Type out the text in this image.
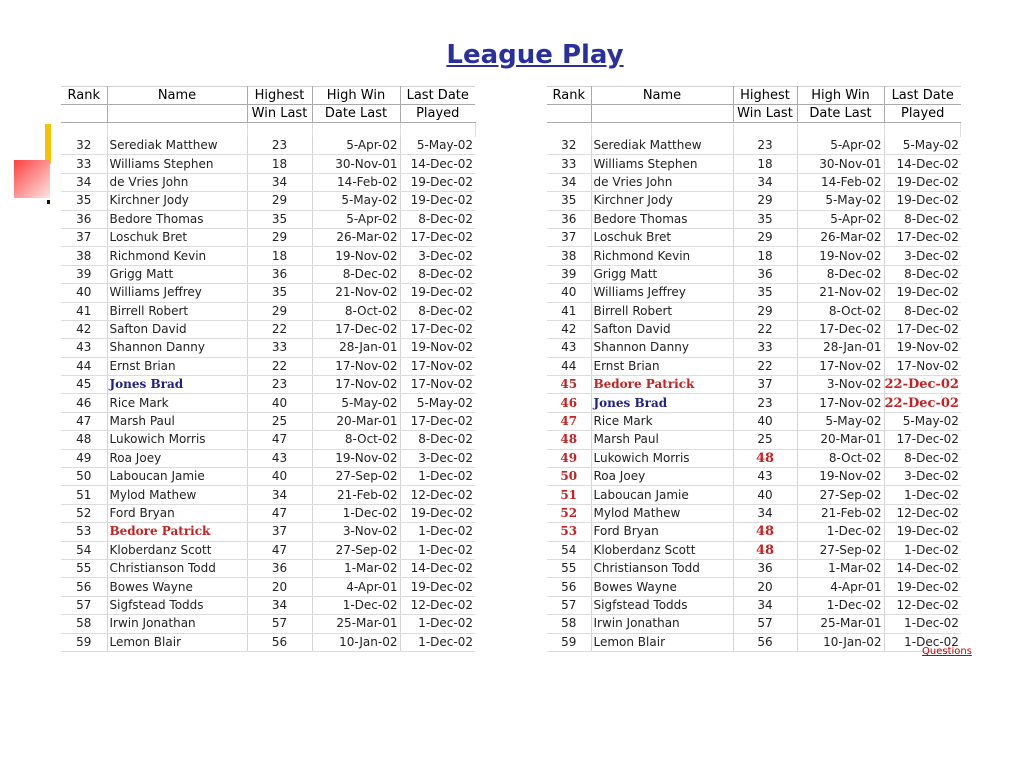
League Play
Rank	Name	Highest	High Win	Last Date
		Win Last	Date Last	Played

32	Serediak Matthew	23	5-Apr-02	5-May-02
33	Williams Stephen	18	30-Nov-01	14-Dec-02
34	de Vries John	34	14-Feb-02	19-Dec-02
35	Kirchner Jody	29	5-May-02	19-Dec-02
36	Bedore Thomas	35	5-Apr-02	8-Dec-02
37	Loschuk Bret	29	26-Mar-02	17-Dec-02
38	Richmond Kevin	18	19-Nov-02	3-Dec-02
39	Grigg Matt	36	8-Dec-02	8-Dec-02
40	Williams Jeffrey	35	21-Nov-02	19-Dec-02
41	Birrell Robert	29	8-Oct-02	8-Dec-02
42	Safton David	22	17-Dec-02	17-Dec-02
43	Shannon Danny	33	28-Jan-01	19-Nov-02
44	Ernst Brian	22	17-Nov-02	17-Nov-02
45	Jones Brad	23	17-Nov-02	17-Nov-02
46	Rice Mark	40	5-May-02	5-May-02
47	Marsh Paul	25	20-Mar-01	17-Dec-02
48	Lukowich Morris	47	8-Oct-02	8-Dec-02
49	Roa Joey	43	19-Nov-02	3-Dec-02
50	Laboucan Jamie	40	27-Sep-02	1-Dec-02
51	Mylod Mathew	34	21-Feb-02	12-Dec-02
52	Ford Bryan	47	1-Dec-02	19-Dec-02
53	Bedore Patrick	37	3-Nov-02	1-Dec-02
54	Kloberdanz Scott	47	27-Sep-02	1-Dec-02
55	Christianson Todd	36	1-Mar-02	14-Dec-02
56	Bowes Wayne	20	4-Apr-01	19-Dec-02
57	Sigfstead Todds	34	1-Dec-02	12-Dec-02
58	Irwin Jonathan	57	25-Mar-01	1-Dec-02
59	Lemon Blair	56	10-Jan-02	1-Dec-02
Rank	Name	Highest	High Win	Last Date
		Win Last	Date Last	Played

32	Serediak Matthew	23	5-Apr-02	5-May-02
33	Williams Stephen	18	30-Nov-01	14-Dec-02
34	de Vries John	34	14-Feb-02	19-Dec-02
35	Kirchner Jody	29	5-May-02	19-Dec-02
36	Bedore Thomas	35	5-Apr-02	8-Dec-02
37	Loschuk Bret	29	26-Mar-02	17-Dec-02
38	Richmond Kevin	18	19-Nov-02	3-Dec-02
39	Grigg Matt	36	8-Dec-02	8-Dec-02
40	Williams Jeffrey	35	21-Nov-02	19-Dec-02
41	Birrell Robert	29	8-Oct-02	8-Dec-02
42	Safton David	22	17-Dec-02	17-Dec-02
43	Shannon Danny	33	28-Jan-01	19-Nov-02
44	Ernst Brian	22	17-Nov-02	17-Nov-02
45	Bedore Patrick	37	3-Nov-02	22-Dec-02
46	Jones Brad	23	17-Nov-02	22-Dec-02
47	Rice Mark	40	5-May-02	5-May-02
48	Marsh Paul	25	20-Mar-01	17-Dec-02
49	Lukowich Morris	48	8-Oct-02	8-Dec-02
50	Roa Joey	43	19-Nov-02	3-Dec-02
51	Laboucan Jamie	40	27-Sep-02	1-Dec-02
52	Mylod Mathew	34	21-Feb-02	12-Dec-02
53	Ford Bryan	48	1-Dec-02	19-Dec-02
54	Kloberdanz Scott	48	27-Sep-02	1-Dec-02
55	Christianson Todd	36	1-Mar-02	14-Dec-02
56	Bowes Wayne	20	4-Apr-01	19-Dec-02
57	Sigfstead Todds	34	1-Dec-02	12-Dec-02
58	Irwin Jonathan	57	25-Mar-01	1-Dec-02
59	Lemon Blair	56	10-Jan-02	1-Dec-02
Questions
